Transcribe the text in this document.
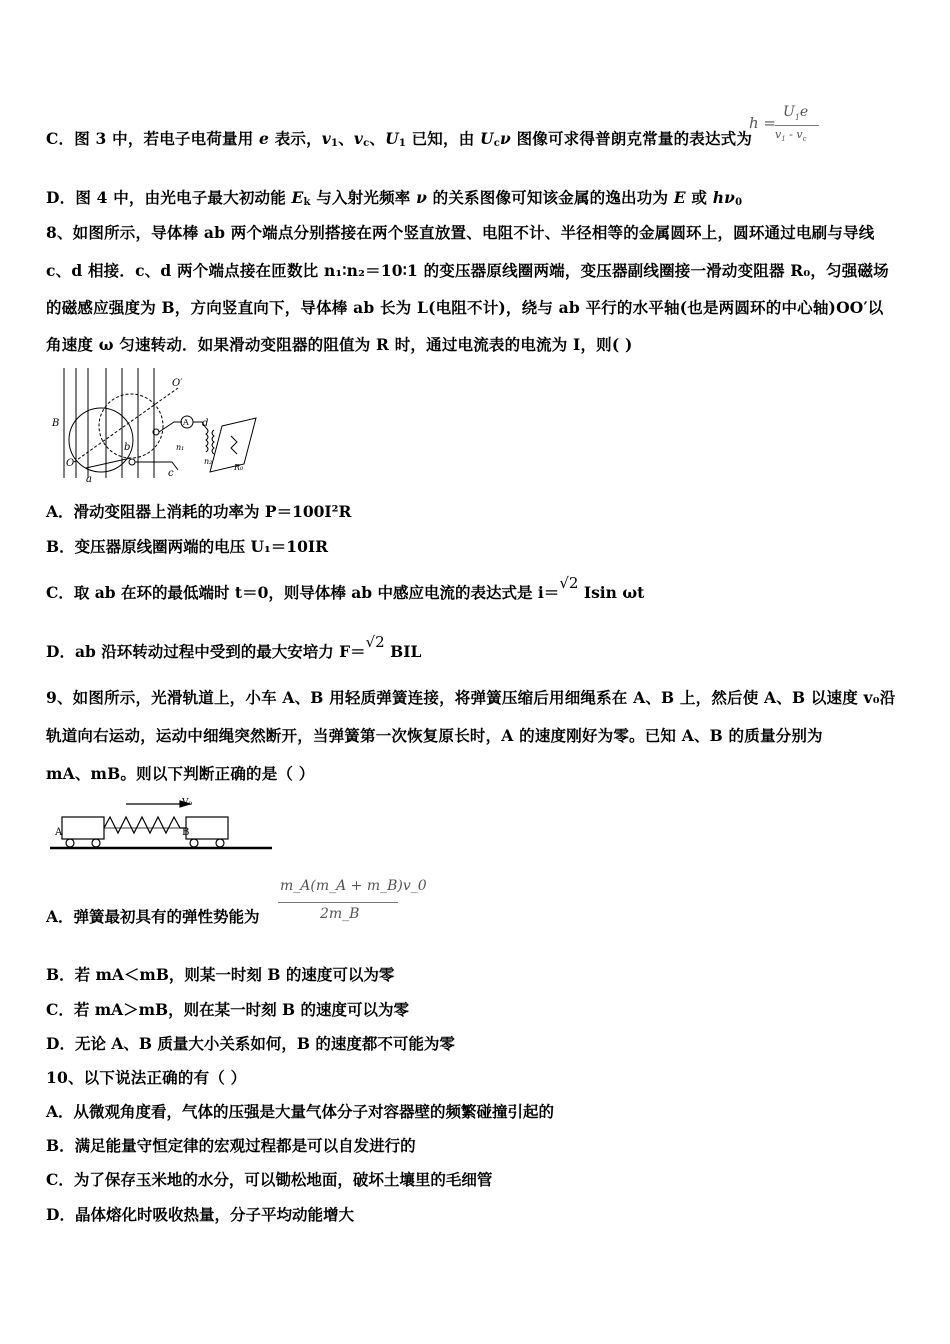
C．图 3 中，若电子电荷量用 e 表示，$v_1$、$v_c$、$U_1$ 已知，由 $U_c\nu$ 图像可求得普朗克常量的表达式为
h =
$U_1e$
$v_1 - v_c$
D．图 4 中，由光电子最大初动能 $E_k$ 与入射光频率 ν 的关系图像可知该金属的逸出功为 E 或 $h\nu_0$
8、如图所示，导体棒 ab 两个端点分别搭接在两个竖直放置、电阻不计、半径相等的金属圆环上，圆环通过电刷与导线
c、d 相接．c、d 两个端点接在匝数比 n₁∶n₂＝10∶1 的变压器原线圈两端，变压器副线圈接一滑动变阻器 R₀，匀强磁场
的磁感应强度为 B，方向竖直向下，导体棒 ab 长为 L(电阻不计)，绕与 ab 平行的水平轴(也是两圆环的中心轴)OO′以
角速度 ω 匀速转动．如果滑动变阻器的阻值为 R 时，通过电流表的电流为 I，则( )
B
O
O′
a
b
c
d
A
n₁
n₂
R₀
A．滑动变阻器上消耗的功率为 P＝100I²R
B．变压器原线圈两端的电压 U₁＝10IR
C．取 ab 在环的最低端时 t＝0，则导体棒 ab 中感应电流的表达式是 i＝√2 Isin ωt
D．ab 沿环转动过程中受到的最大安培力 F＝√2 BIL
9、如图所示，光滑轨道上，小车 A、B 用轻质弹簧连接，将弹簧压缩后用细绳系在 A、B 上，然后使 A、B 以速度 v₀沿
轨道向右运动，运动中细绳突然断开，当弹簧第一次恢复原长时，A 的速度刚好为零。已知 A、B 的质量分别为
mA、mB。则以下判断正确的是（ ）
A	B
V₀
A．弹簧最初具有的弹性势能为
m_A(m_A + m_B)v_0
2m_B
B．若 mA＜mB，则某一时刻 B 的速度可以为零
C．若 mA＞mB，则在某一时刻 B 的速度可以为零
D．无论 A、B 质量大小关系如何，B 的速度都不可能为零
10、以下说法正确的有（ ）
A．从微观角度看，气体的压强是大量气体分子对容器壁的频繁碰撞引起的
B．满足能量守恒定律的宏观过程都是可以自发进行的
C．为了保存玉米地的水分，可以锄松地面，破坏土壤里的毛细管
D．晶体熔化时吸收热量，分子平均动能增大
